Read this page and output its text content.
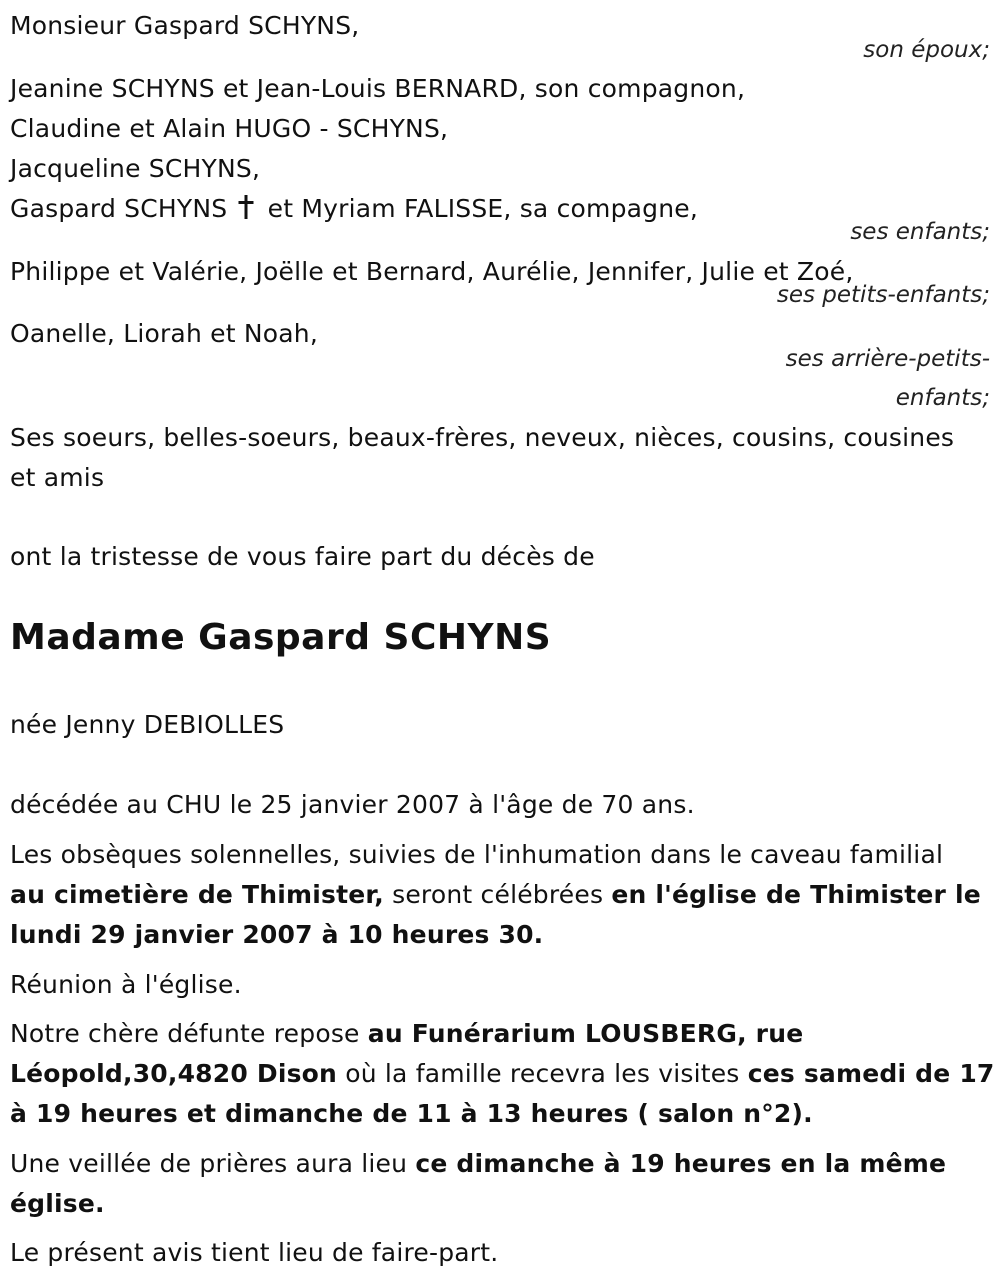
Monsieur Gaspard SCHYNS,
son époux;
Jeanine SCHYNS et Jean-Louis BERNARD, son compagnon,
Claudine et Alain HUGO - SCHYNS,
Jacqueline SCHYNS,
Gaspard SCHYNS et Myriam FALISSE, sa compagne,
ses enfants;
Philippe et Valérie, Joëlle et Bernard, Aurélie, Jennifer, Julie et Zoé,
ses petits-enfants;
Oanelle, Liorah et Noah,
ses arrière-petits-
enfants;
Ses soeurs, belles-soeurs, beaux-frères, neveux, nièces, cousins, cousines
et amis
ont la tristesse de vous faire part du décès de
Madame Gaspard SCHYNS
née Jenny DEBIOLLES
décédée au CHU le 25 janvier 2007 à l'âge de 70 ans.
Les obsèques solennelles, suivies de l'inhumation dans le caveau familial
au cimetière de Thimister, seront célébrées en l'église de Thimister le
lundi 29 janvier 2007 à 10 heures 30.
Réunion à l'église.
Notre chère défunte repose au Funérarium LOUSBERG, rue
Léopold,30,4820 Dison où la famille recevra les visites ces samedi de 17
à 19 heures et dimanche de 11 à 13 heures ( salon n°2).
Une veillée de prières aura lieu ce dimanche à 19 heures en la même
église.
Le présent avis tient lieu de faire-part.
